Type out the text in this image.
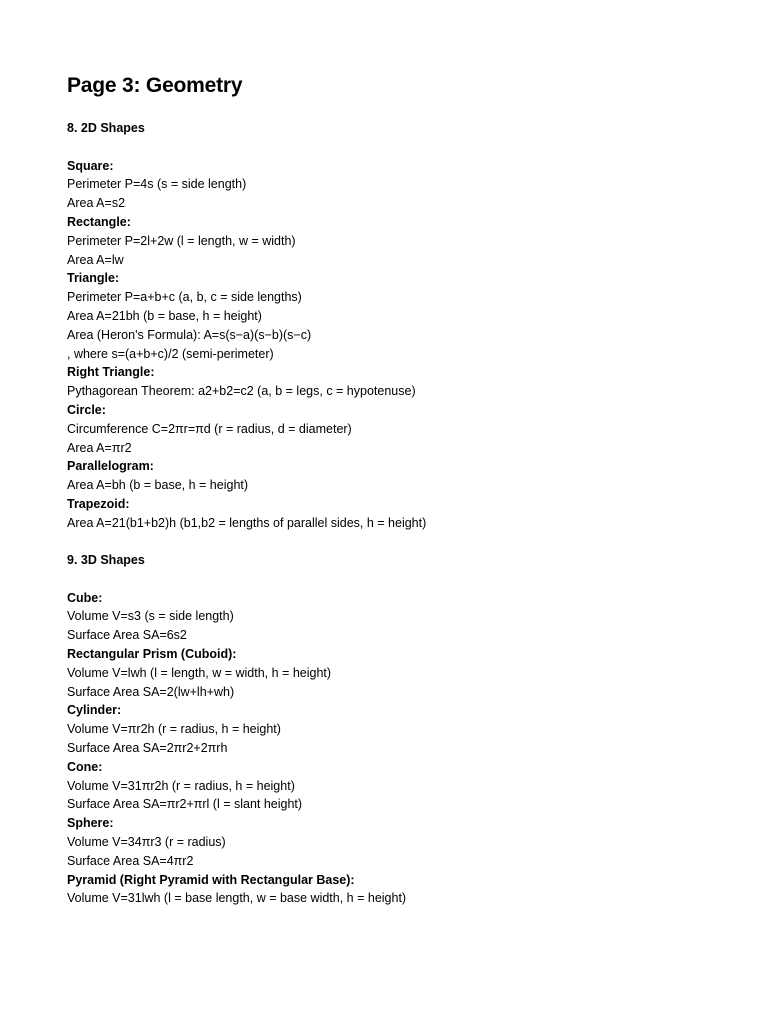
Page 3: Geometry
8. 2D Shapes
Square:
Perimeter P=4s (s = side length)
Area A=s2
Rectangle:
Perimeter P=2l+2w (l = length, w = width)
Area A=lw
Triangle:
Perimeter P=a+b+c (a, b, c = side lengths)
Area A=21bh (b = base, h = height)
Area (Heron's Formula): A=s(s−a)(s−b)(s−c)
, where s=(a+b+c)/2 (semi-perimeter)
Right Triangle:
Pythagorean Theorem: a2+b2=c2 (a, b = legs, c = hypotenuse)
Circle:
Circumference C=2πr=πd (r = radius, d = diameter)
Area A=πr2
Parallelogram:
Area A=bh (b = base, h = height)
Trapezoid:
Area A=21(b1+b2)h (b1,b2 = lengths of parallel sides, h = height)
9. 3D Shapes
Cube:
Volume V=s3 (s = side length)
Surface Area SA=6s2
Rectangular Prism (Cuboid):
Volume V=lwh (l = length, w = width, h = height)
Surface Area SA=2(lw+lh+wh)
Cylinder:
Volume V=πr2h (r = radius, h = height)
Surface Area SA=2πr2+2πrh
Cone:
Volume V=31πr2h (r = radius, h = height)
Surface Area SA=πr2+πrl (l = slant height)
Sphere:
Volume V=34πr3 (r = radius)
Surface Area SA=4πr2
Pyramid (Right Pyramid with Rectangular Base):
Volume V=31lwh (l = base length, w = base width, h = height)
